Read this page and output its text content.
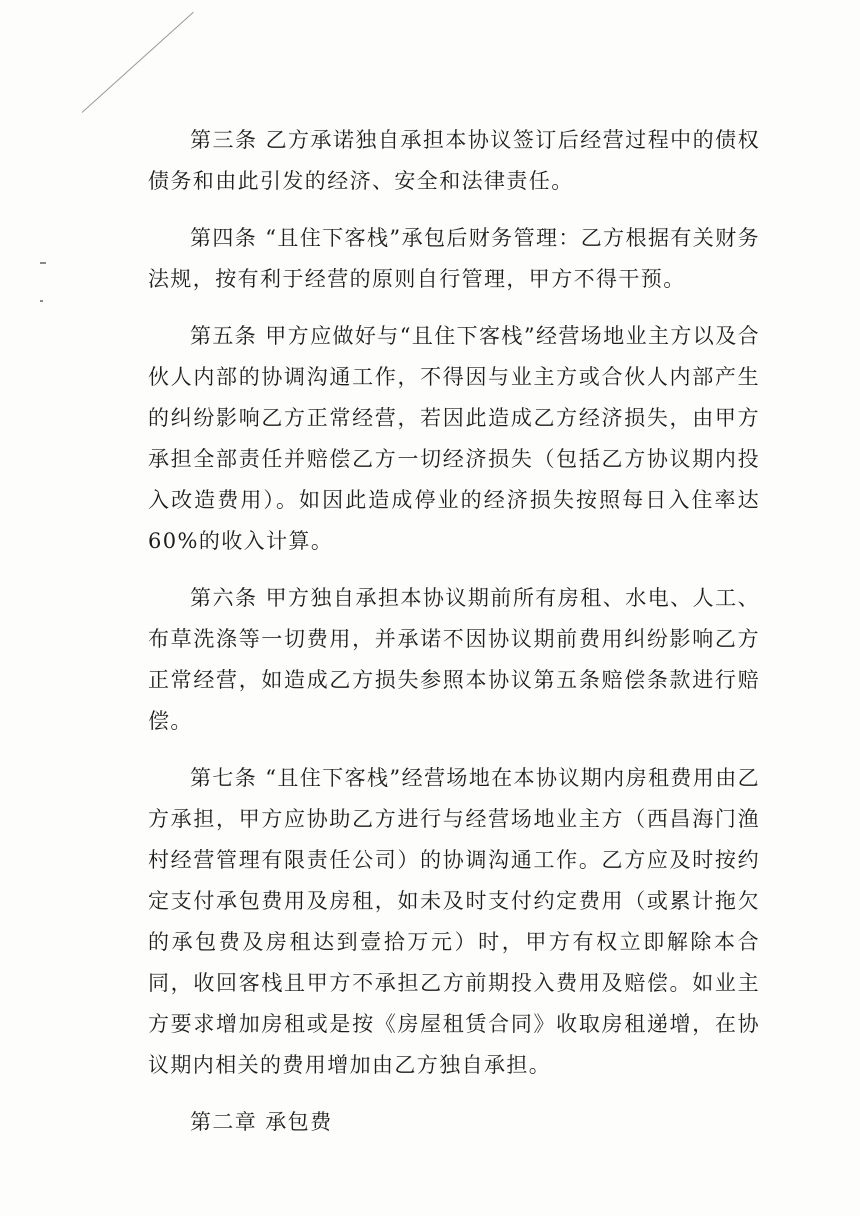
第三条 乙方承诺独自承担本协议签订后经营过程中的债权债务和由此引发的经济、安全和法律责任。

第四条 “且住下客栈”承包后财务管理：乙方根据有关财务法规，按有利于经营的原则自行管理，甲方不得干预。

第五条 甲方应做好与“且住下客栈”经营场地业主方以及合伙人内部的协调沟通工作，不得因与业主方或合伙人内部产生的纠纷影响乙方正常经营，若因此造成乙方经济损失，由甲方承担全部责任并赔偿乙方一切经济损失（包括乙方协议期内投入改造费用）。如因此造成停业的经济损失按照每日入住率达 60%的收入计算。

第六条 甲方独自承担本协议期前所有房租、水电、人工、布草洗涤等一切费用，并承诺不因协议期前费用纠纷影响乙方正常经营，如造成乙方损失参照本协议第五条赔偿条款进行赔偿。

第七条 “且住下客栈”经营场地在本协议期内房租费用由乙方承担，甲方应协助乙方进行与经营场地业主方（西昌海门渔村经营管理有限责任公司）的协调沟通工作。乙方应及时按约定支付承包费用及房租，如未及时支付约定费用（或累计拖欠的承包费及房租达到壹拾万元）时，甲方有权立即解除本合同，收回客栈且甲方不承担乙方前期投入费用及赔偿。如业主方要求增加房租或是按《房屋租赁合同》收取房租递增，在协议期内相关的费用增加由乙方独自承担。

第二章 承包费
